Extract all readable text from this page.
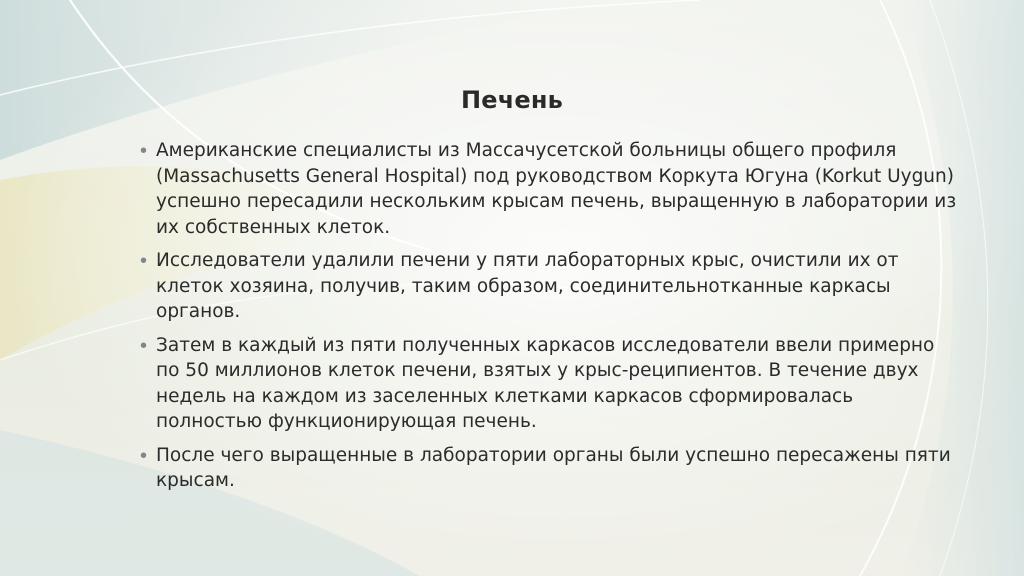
Печень
• Американские специалисты из Массачусетской больницы общего профиля (Massachusetts General Hospital) под руководством Коркута Югуна (Korkut Uygun) успешно пересадили нескольким крысам печень, выращенную в лаборатории из их собственных клеток.
• Исследователи удалили печени у пяти лабораторных крыс, очистили их от клеток хозяина, получив, таким образом, соединительнотканные каркасы органов.
• Затем в каждый из пяти полученных каркасов исследователи ввели примерно по 50 миллионов клеток печени, взятых у крыс-реципиентов. В течение двух недель на каждом из заселенных клетками каркасов сформировалась полностью функционирующая печень.
• После чего выращенные в лаборатории органы были успешно пересажены пяти крысам.
